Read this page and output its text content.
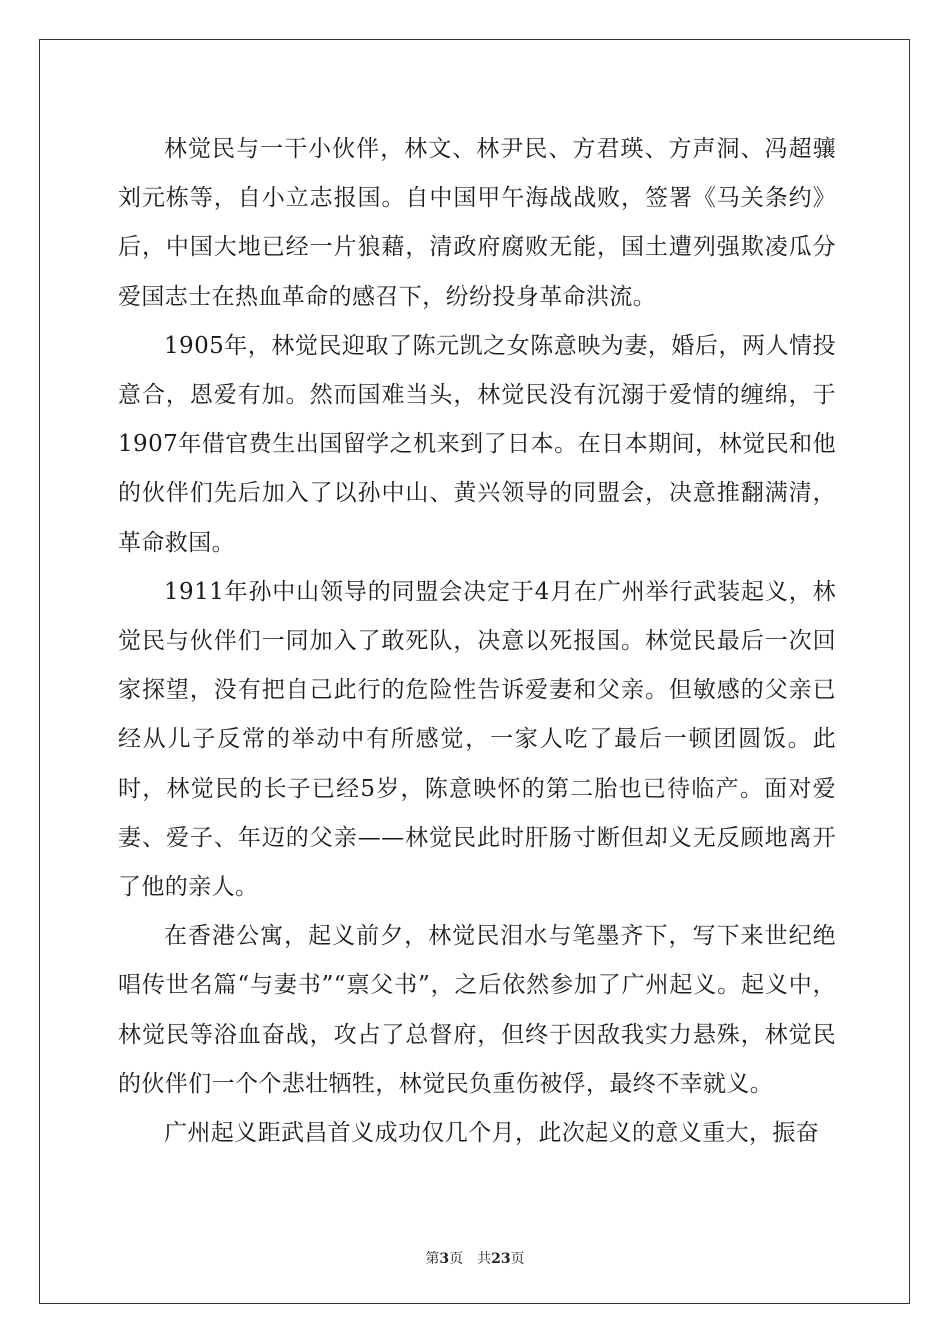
林觉民与一干小伙伴，林文、林尹民、方君瑛、方声洞、冯超骧刘元栋等，自小立志报国。自中国甲午海战战败，签署《马关条约》后，中国大地已经一片狼藉，清政府腐败无能，国土遭列强欺凌瓜分爱国志士在热血革命的感召下，纷纷投身革命洪流。

1905年，林觉民迎取了陈元凯之女陈意映为妻，婚后，两人情投意合，恩爱有加。然而国难当头，林觉民没有沉溺于爱情的缠绵，于1907年借官费生出国留学之机来到了日本。在日本期间，林觉民和他的伙伴们先后加入了以孙中山、黄兴领导的同盟会，决意推翻满清，革命救国。

1911年孙中山领导的同盟会决定于4月在广州举行武装起义，林觉民与伙伴们一同加入了敢死队，决意以死报国。林觉民最后一次回家探望，没有把自己此行的危险性告诉爱妻和父亲。但敏感的父亲已经从儿子反常的举动中有所感觉，一家人吃了最后一顿团圆饭。此时，林觉民的长子已经5岁，陈意映怀的第二胎也已待临产。面对爱妻、爱子、年迈的父亲——林觉民此时肝肠寸断但却义无反顾地离开了他的亲人。

在香港公寓，起义前夕，林觉民泪水与笔墨齐下，写下来世纪绝唱传世名篇“与妻书”“禀父书”，之后依然参加了广州起义。起义中，林觉民等浴血奋战，攻占了总督府，但终于因敌我实力悬殊，林觉民的伙伴们一个个悲壮牺牲，林觉民负重伤被俘，最终不幸就义。

广州起义距武昌首义成功仅几个月，此次起义的意义重大，振奋

第3页 共23页
